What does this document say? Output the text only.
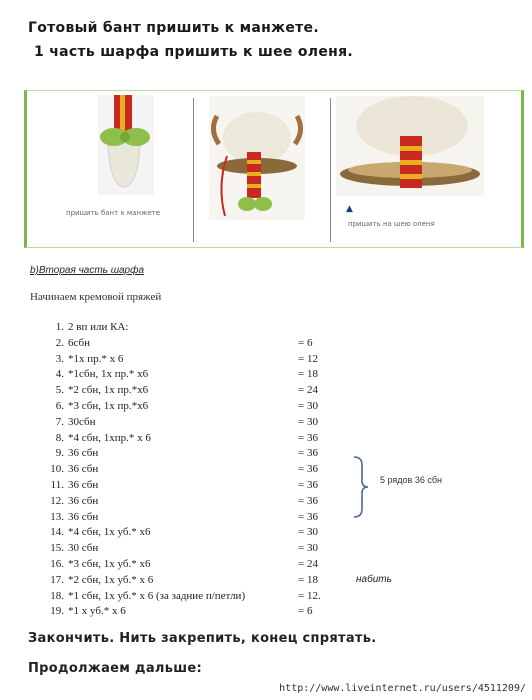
Готовый бант пришить к манжете.
1 часть шарфа пришить к шее оленя.
пришить бант к манжете	▲
пришить на шею оленя
b)Вторая часть шарфа
Начинаем кремовой пряжей
1. 2 вп или КА:
2. 6сбн	= 6
3. *1х пр.* х 6	= 12
4. *1сбн, 1х пр.* х6	= 18
5. *2 сбн, 1х пр.*х6	= 24
6. *3 сбн, 1х пр.*х6	= 30
7. 30сбн	= 30
8. *4 сбн, 1хпр.* х 6	= 36
9. 36 сбн	= 36
10. 36 сбн	= 36
11. 36 сбн	= 36
12. 36 сбн	= 36
13. 36 сбн	= 36
14. *4 сбн, 1х уб.* х6	= 30
15. 30 сбн	= 30
16. *3 сбн, 1х уб.* х6	= 24
17. *2 сбн, 1х уб.* х 6	= 18	набить
18. *1 сбн, 1х уб.* х 6 (за задние п/петли)	= 12.
19. *1 х уб.* х 6	= 6
5 рядов 36 сбн
Закончить. Нить закрепить, конец спрятать.
Продолжаем дальше:
http://www.liveinternet.ru/users/4511209/
